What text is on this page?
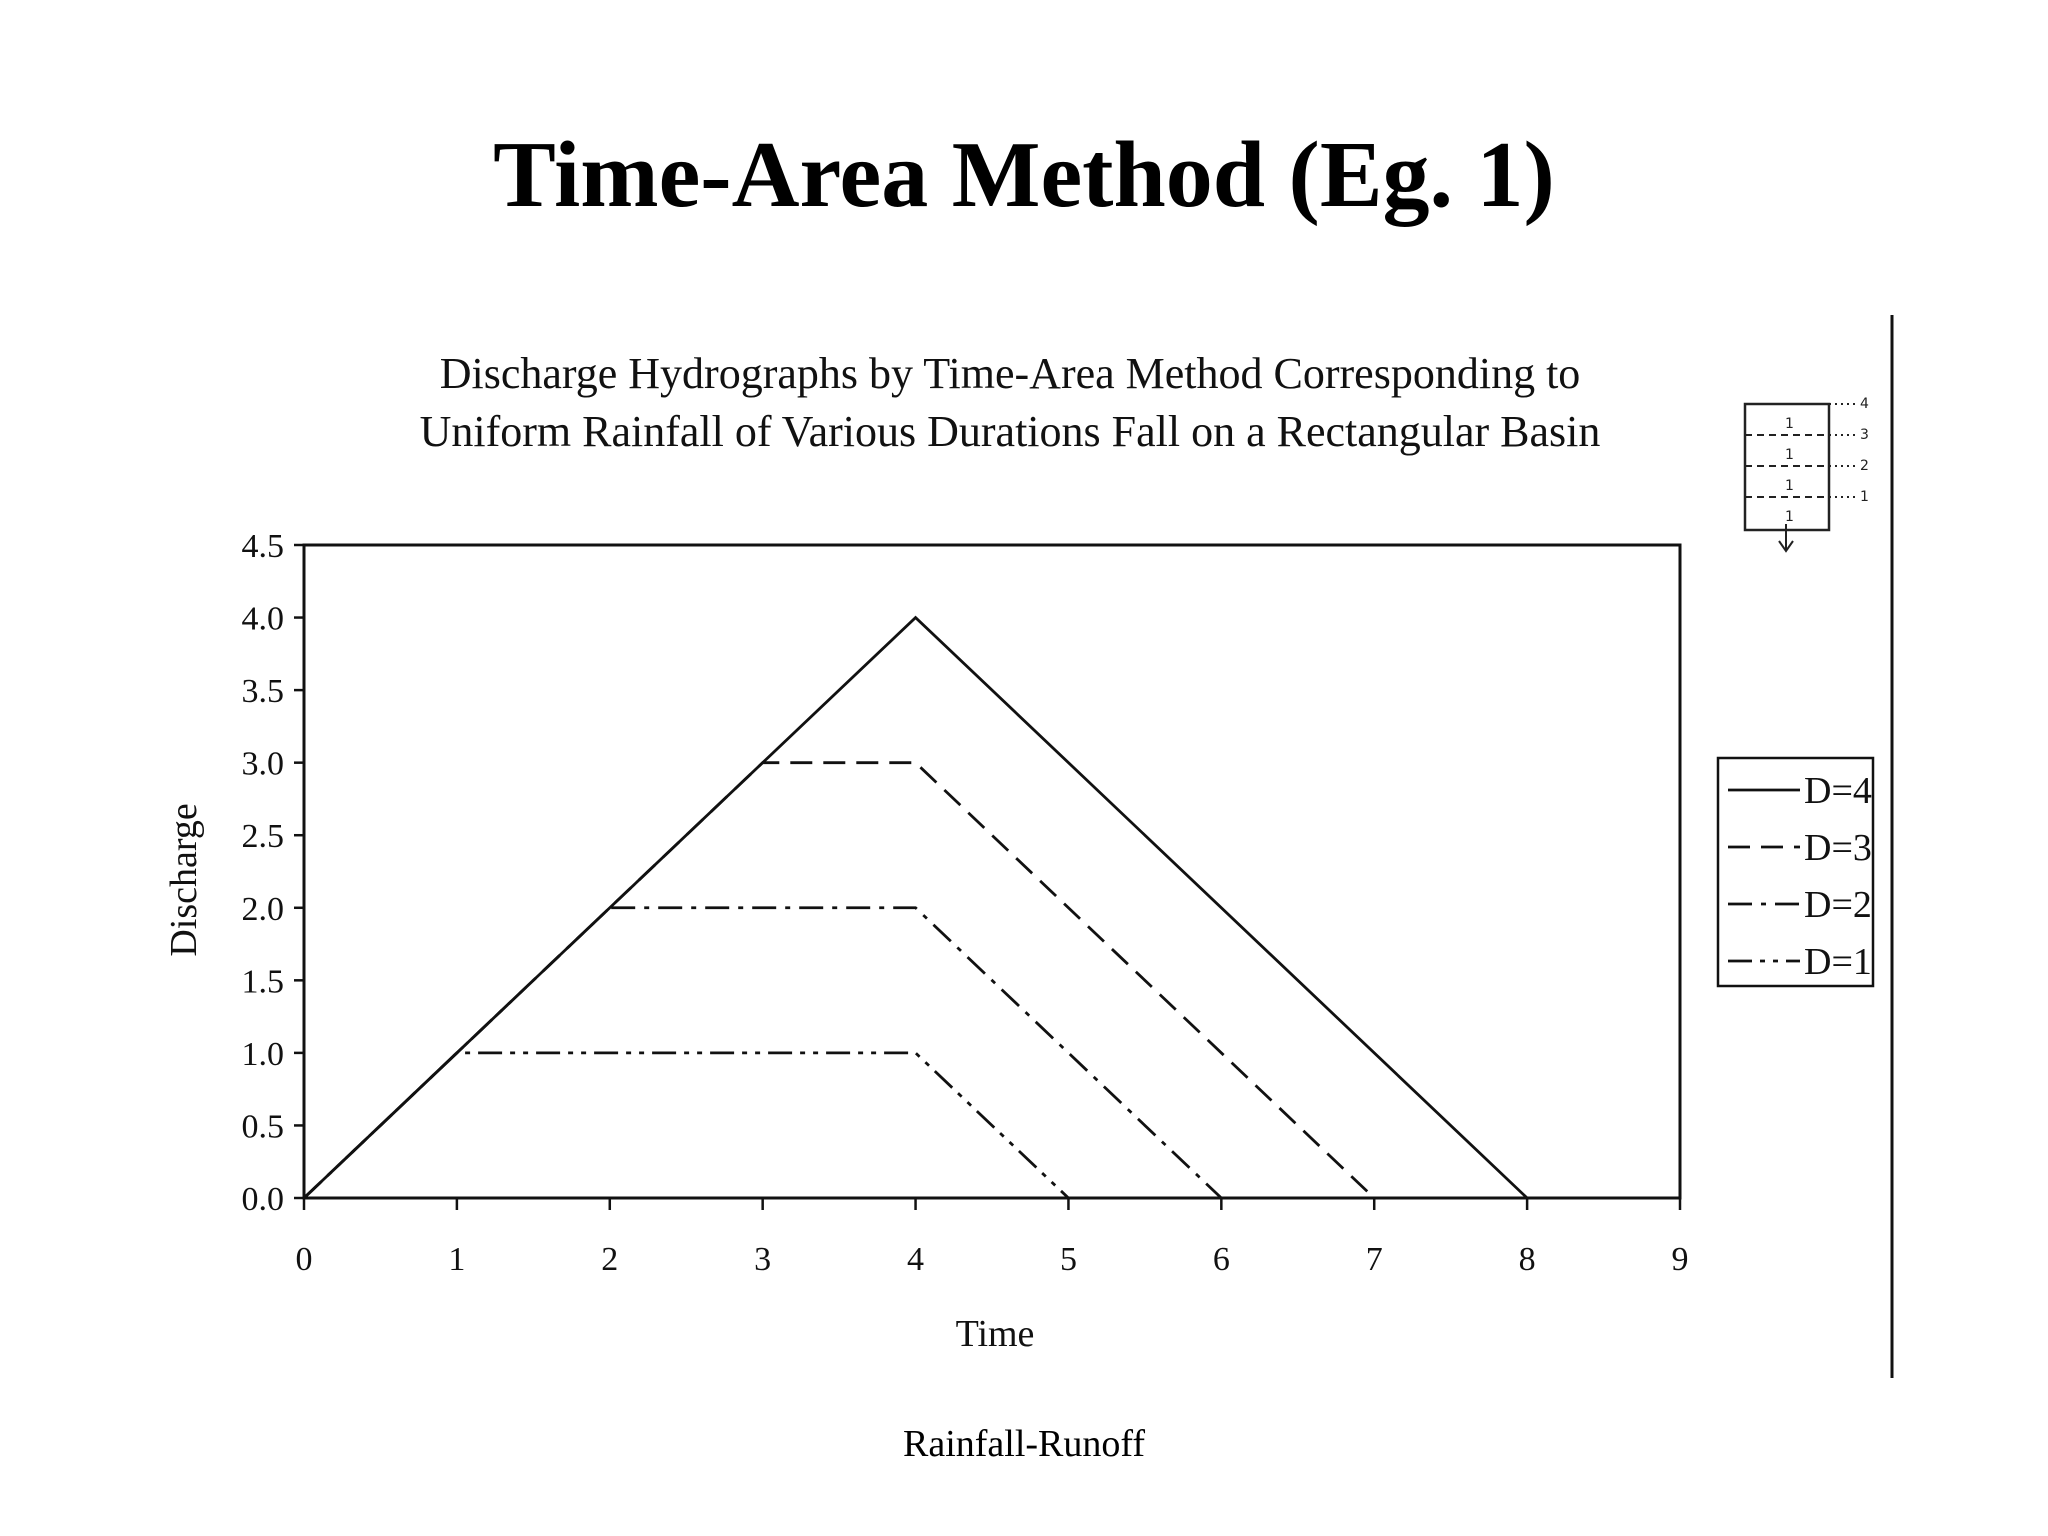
Time-Area Method (Eg. 1)
Discharge Hydrographs by Time-Area Method Corresponding to
Uniform Rainfall of Various Durations Fall on a Rectangular Basin
0.0
0.5
1.0
1.5
2.0
2.5
3.0
3.5
4.0
4.5
0	1	2	3	4	5	6	7	8	9
Time
Discharge
D=4
D=3
D=2
D=1
4
3
2
1
1
1
1
1
Rainfall-Runoff
